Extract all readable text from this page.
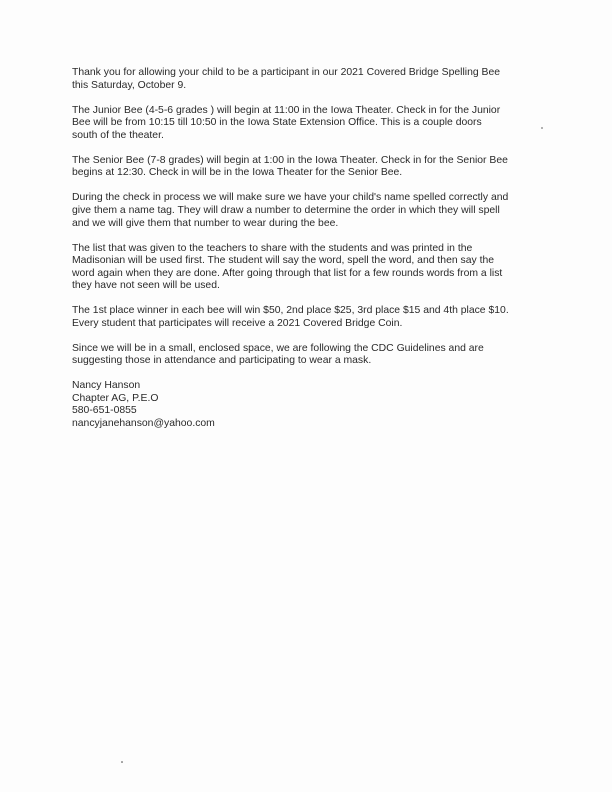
Thank you for allowing your child to be a participant in our 2021 Covered Bridge Spelling Bee
this Saturday, October 9.
The Junior Bee (4-5-6 grades ) will begin at 11:00 in the Iowa Theater. Check in for the Junior
Bee will be from 10:15 till 10:50 in the Iowa State Extension Office. This is a couple doors
south of the theater.
The Senior Bee (7-8 grades) will begin at 1:00 in the Iowa Theater. Check in for the Senior Bee
begins at 12:30. Check in will be in the Iowa Theater for the Senior Bee.
During the check in process we will make sure we have your child's name spelled correctly and
give them a name tag. They will draw a number to determine the order in which they will spell
and we will give them that number to wear during the bee.
The list that was given to the teachers to share with the students and was printed in the
Madisonian will be used first. The student will say the word, spell the word, and then say the
word again when they are done. After going through that list for a few rounds words from a list
they have not seen will be used.
The 1st place winner in each bee will win $50, 2nd place $25, 3rd place $15 and 4th place $10.
Every student that participates will receive a 2021 Covered Bridge Coin.
Since we will be in a small, enclosed space, we are following the CDC Guidelines and are
suggesting those in attendance and participating to wear a mask.
Nancy Hanson
Chapter AG, P.E.O
580-651-0855
nancyjanehanson@yahoo.com
